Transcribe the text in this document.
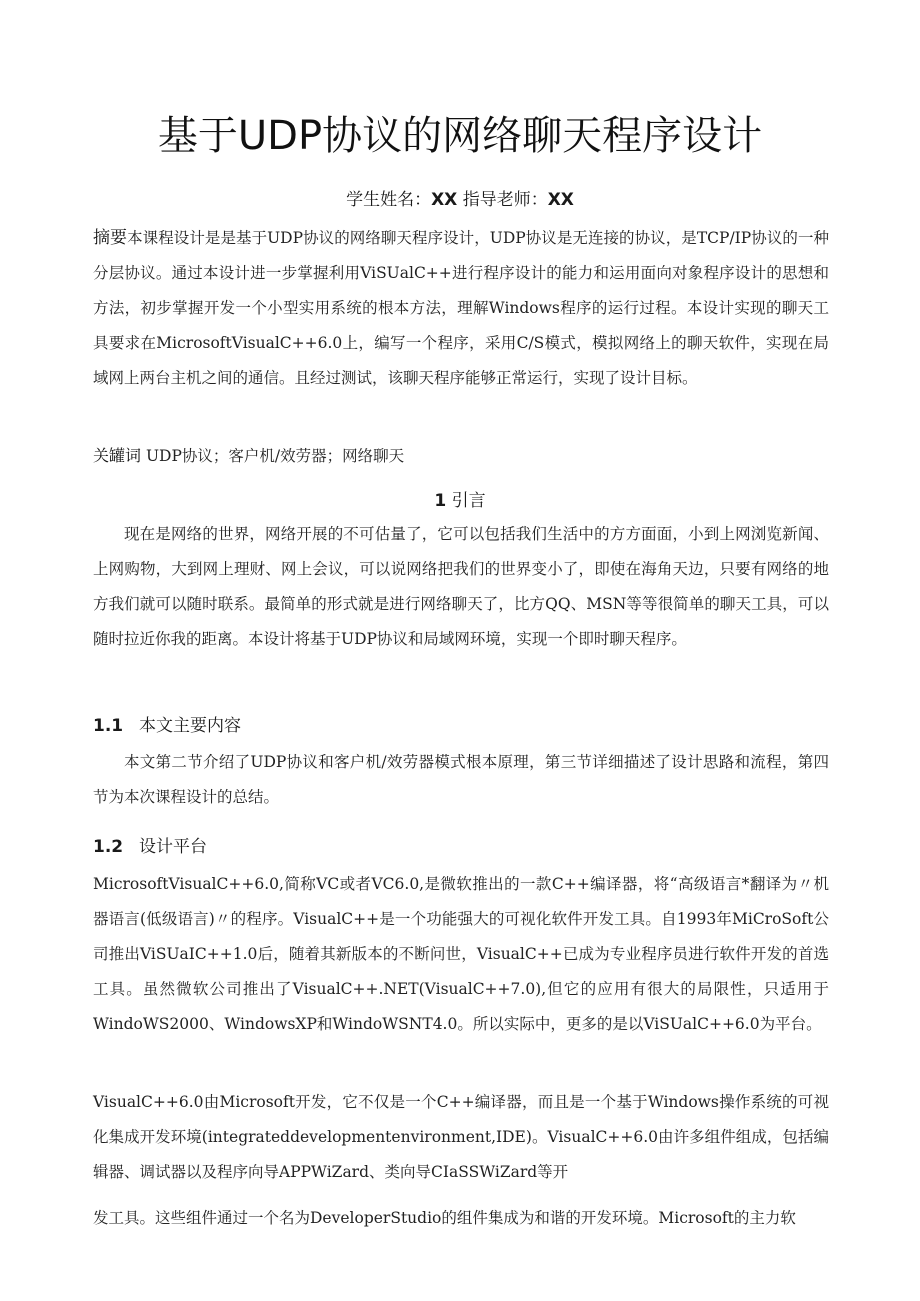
基于UDP协议的网络聊天程序设计
学生姓名：XX 指导老师：XX

摘要本课程设计是是基于UDP协议的网络聊天程序设计，UDP协议是无连接的协议，是TCP/IP协议的一种分层协议。通过本设计进一步掌握利用ViSUalC++进行程序设计的能力和运用面向对象程序设计的思想和方法，初步掌握开发一个小型实用系统的根本方法，理解Windows程序的运行过程。本设计实现的聊天工具要求在MicrosoftVisualC++6.0上，编写一个程序，采用C/S模式，模拟网络上的聊天软件，实现在局域网上两台主机之间的通信。且经过测试，该聊天程序能够正常运行，实现了设计目标。

关罐词 UDP协议；客户机/效劳器；网络聊天

1 引言

现在是网络的世界，网络开展的不可估量了，它可以包括我们生活中的方方面面，小到上网浏览新闻、上网购物，大到网上理财、网上会议，可以说网络把我们的世界变小了，即使在海角天边，只要有网络的地方我们就可以随时联系。最简单的形式就是进行网络聊天了，比方QQ、MSN等等很简单的聊天工具，可以随时拉近你我的距离。本设计将基于UDP协议和局域网环境，实现一个即时聊天程序。

1.1 本文主要内容

本文第二节介绍了UDP协议和客户机/效劳器模式根本原理，第三节详细描述了设计思路和流程，第四节为本次课程设计的总结。

1.2 设计平台

MicrosoftVisualC++6.0,简称VC或者VC6.0,是微软推出的一款C++编译器，将“高级语言*翻译为〃机器语言(低级语言)〃的程序。VisualC++是一个功能强大的可视化软件开发工具。自1993年MiCroSoft公司推出ViSUaIC++1.0后，随着其新版本的不断问世，VisualC++已成为专业程序员进行软件开发的首选工具。虽然微软公司推出了VisualC++.NET(VisualC++7.0),但它的应用有很大的局限性，只适用于WindoWS2000、WindowsXP和WindoWSNT4.0。所以实际中，更多的是以ViSUalC++6.0为平台。

VisualC++6.0由Microsoft开发，它不仅是一个C++编译器，而且是一个基于Windows操作系统的可视化集成开发环境(integrateddevelopmentenvironment,IDE)。VisualC++6.0由许多组件组成，包括编辑器、调试器以及程序向导APPWiZard、类向导CIaSSWiZard等开

发工具。这些组件通过一个名为DeveloperStudio的组件集成为和谐的开发环境。Microsoft的主力软
